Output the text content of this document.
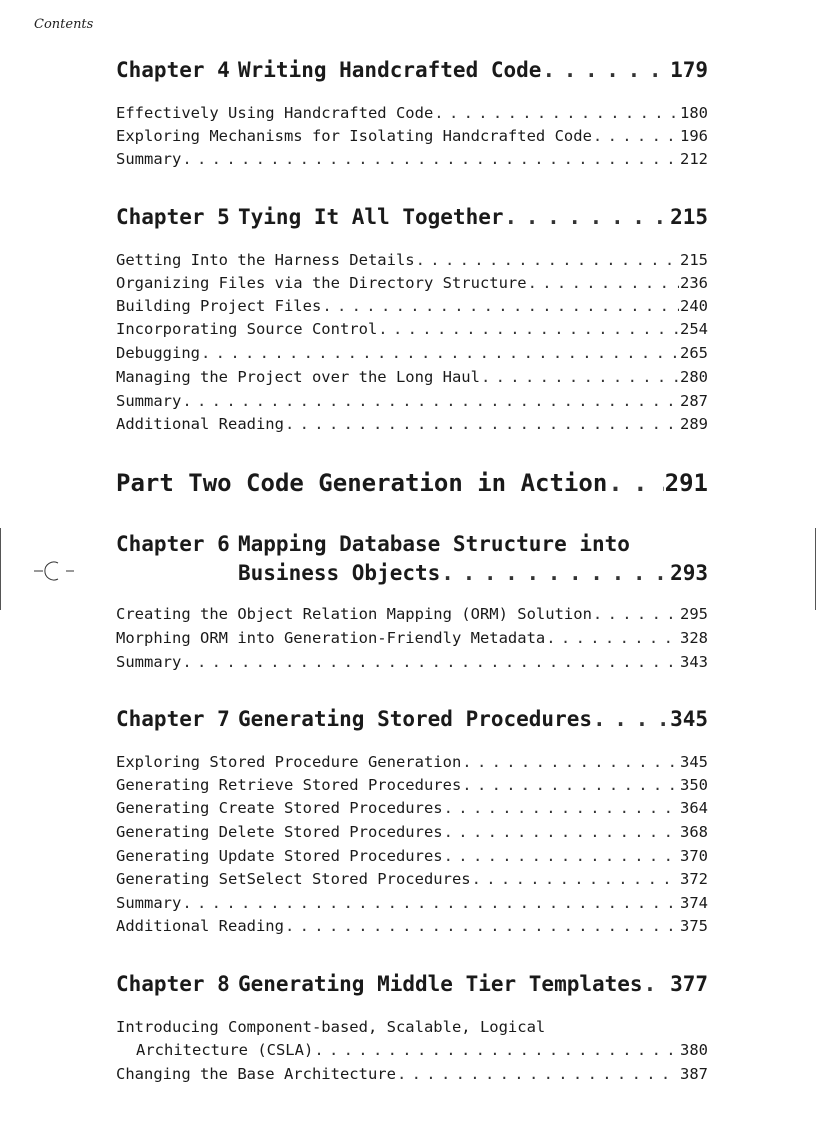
Contents
Chapter 4 Writing Handcrafted Code . . .	179
Effectively Using Handcrafted Code . . .	180
Exploring Mechanisms for Isolating Handcrafted Code . . .	196
Summary . . .	212
Chapter 5 Tying It All Together . . .	215
Getting Into the Harness Details . . .	215
Organizing Files via the Directory Structure . . .	236
Building Project Files . . .	240
Incorporating Source Control . . .	254
Debugging . . .	265
Managing the Project over the Long Haul . . .	280
Summary . . .	287
Additional Reading . . .	289
Part Two Code Generation in Action . . . 291
Chapter 6 Mapping Database Structure into
Business Objects . . .	293
Creating the Object Relation Mapping (ORM) Solution . . .	295
Morphing ORM into Generation-Friendly Metadata . . .	328
Summary . . .	343
Chapter 7 Generating Stored Procedures . . .	345
Exploring Stored Procedure Generation . . .	345
Generating Retrieve Stored Procedures . . .	350
Generating Create Stored Procedures . . .	364
Generating Delete Stored Procedures . . .	368
Generating Update Stored Procedures . . .	370
Generating SetSelect Stored Procedures . . .	372
Summary . . .	374
Additional Reading . . .	375
Chapter 8 Generating Middle Tier Templates . . . 377
Introducing Component-based, Scalable, Logical
Architecture (CSLA) . . .	380
Changing the Base Architecture . . .	387
